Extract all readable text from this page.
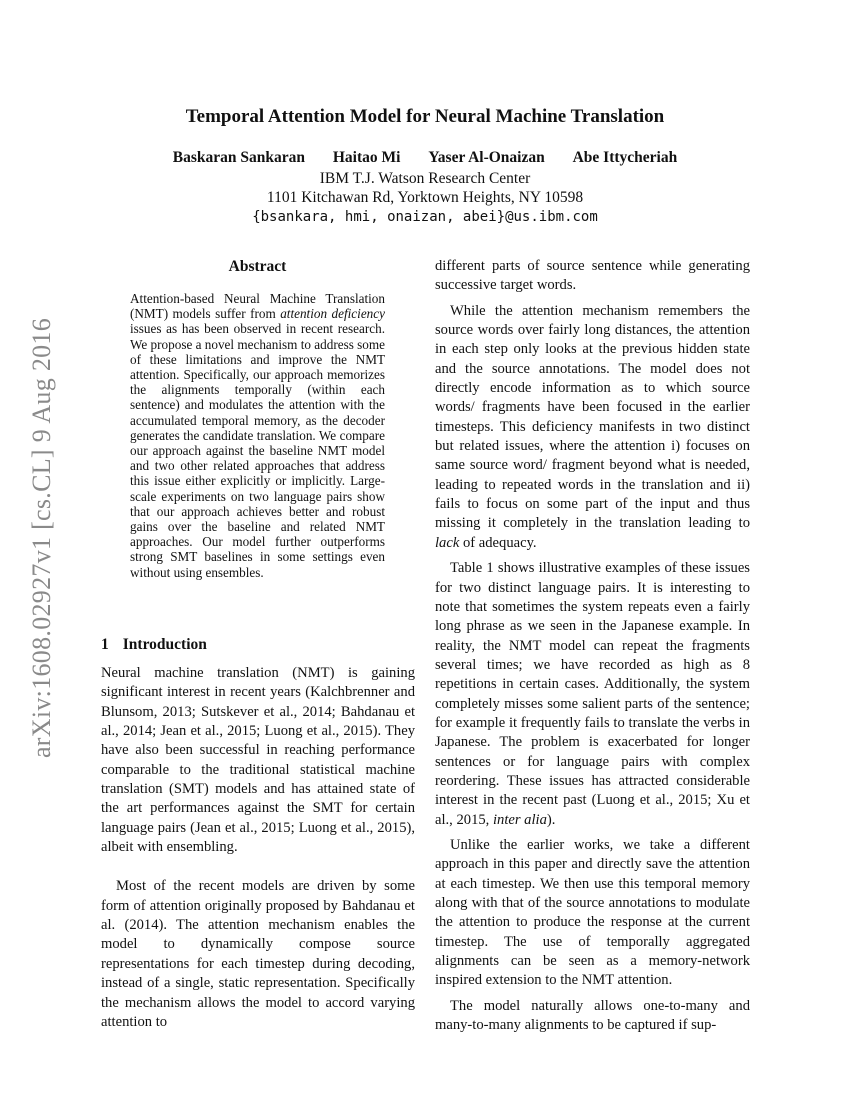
arXiv:1608.02927v1 [cs.CL] 9 Aug 2016
Temporal Attention Model for Neural Machine Translation
Baskaran Sankaran Haitao Mi Yaser Al-Onaizan Abe Ittycheriah
IBM T.J. Watson Research Center
1101 Kitchawan Rd, Yorktown Heights, NY 10598
{bsankara, hmi, onaizan, abei}@us.ibm.com
Abstract

Attention-based Neural Machine Translation (NMT) models suffer from attention deficiency issues as has been observed in recent research. We propose a novel mechanism to address some of these limitations and improve the NMT attention. Specifically, our approach memorizes the alignments temporally (within each sentence) and modulates the attention with the accumulated temporal memory, as the decoder generates the candidate translation. We compare our approach against the baseline NMT model and two other related approaches that address this issue either explicitly or implicitly. Large-scale experiments on two language pairs show that our approach achieves better and robust gains over the baseline and related NMT approaches. Our model further outperforms strong SMT baselines in some settings even without using ensembles.

1 Introduction

Neural machine translation (NMT) is gaining significant interest in recent years (Kalchbrenner and Blunsom, 2013; Sutskever et al., 2014; Bahdanau et al., 2014; Jean et al., 2015; Luong et al., 2015). They have also been successful in reaching performance comparable to the traditional statistical machine translation (SMT) models and has attained state of the art performances against the SMT for certain language pairs (Jean et al., 2015; Luong et al., 2015), albeit with ensembling.

Most of the recent models are driven by some form of attention originally proposed by Bahdanau et al. (2014). The attention mechanism enables the model to dynamically compose source representations for each timestep during decoding, instead of a single, static representation. Specifically the mechanism allows the model to accord varying attention to

different parts of source sentence while generating successive target words.

While the attention mechanism remembers the source words over fairly long distances, the attention in each step only looks at the previous hidden state and the source annotations. The model does not directly encode information as to which source words/ fragments have been focused in the earlier timesteps. This deficiency manifests in two distinct but related issues, where the attention i) focuses on same source word/ fragment beyond what is needed, leading to repeated words in the translation and ii) fails to focus on some part of the input and thus missing it completely in the translation leading to lack of adequacy.

Table 1 shows illustrative examples of these issues for two distinct language pairs. It is interesting to note that sometimes the system repeats even a fairly long phrase as we seen in the Japanese example. In reality, the NMT model can repeat the fragments several times; we have recorded as high as 8 repetitions in certain cases. Additionally, the system completely misses some salient parts of the sentence; for example it frequently fails to translate the verbs in Japanese. The problem is exacerbated for longer sentences or for language pairs with complex reordering. These issues has attracted considerable interest in the recent past (Luong et al., 2015; Xu et al., 2015, inter alia).

Unlike the earlier works, we take a different approach in this paper and directly save the attention at each timestep. We then use this temporal memory along with that of the source annotations to modulate the attention to produce the response at the current timestep. The use of temporally aggregated alignments can be seen as a memory-network inspired extension to the NMT attention.

The model naturally allows one-to-many and many-to-many alignments to be captured if sup-
